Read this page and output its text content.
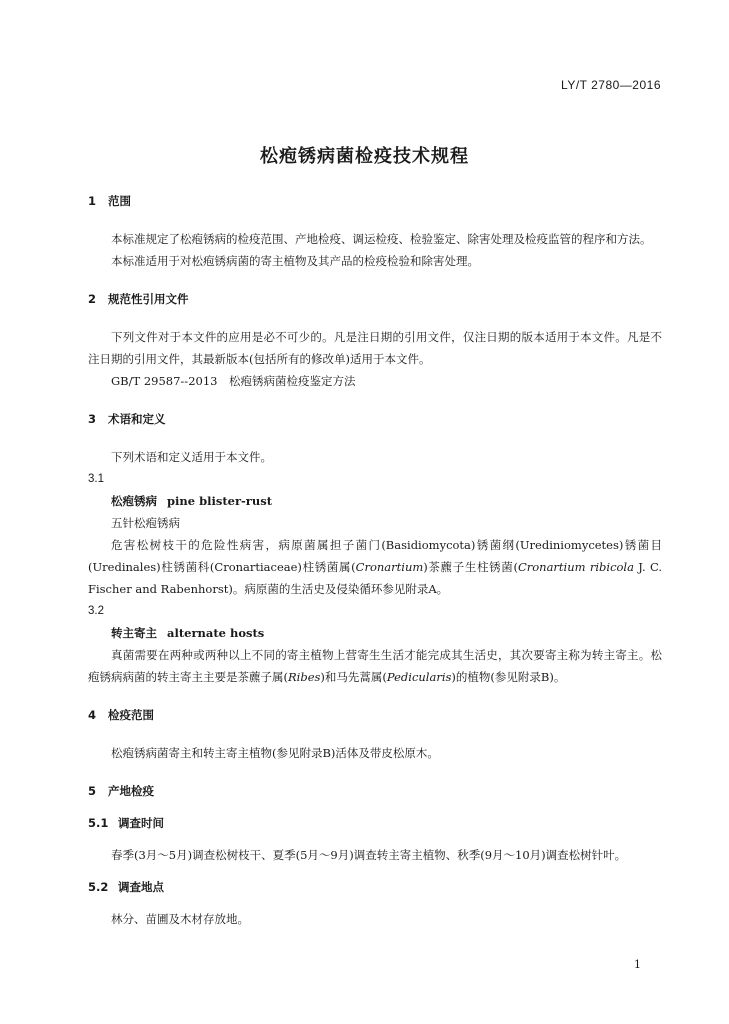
LY/T 2780—2016
松疱锈病菌检疫技术规程

1 范围

本标准规定了松疱锈病的检疫范围、产地检疫、调运检疫、检验鉴定、除害处理及检疫监管的程序和方法。

本标准适用于对松疱锈病菌的寄主植物及其产品的检疫检验和除害处理。

2 规范性引用文件

下列文件对于本文件的应用是必不可少的。凡是注日期的引用文件，仅注日期的版本适用于本文件。凡是不注日期的引用文件，其最新版本(包括所有的修改单)适用于本文件。

GB/T 29587--2013　松疱锈病菌检疫鉴定方法

3 术语和定义

下列术语和定义适用于本文件。

3.1

松疱锈病 pine blister-rust

五针松疱锈病

危害松树枝干的危险性病害，病原菌属担子菌门(Basidiomycota)锈菌纲(Urediniomycetes)锈菌目(Uredinales)柱锈菌科(Cronartiaceae)柱锈菌属(Cronartium)茶藨子生柱锈菌(Cronartium ribicola J. C. Fischer and Rabenhorst)。病原菌的生活史及侵染循环参见附录A。

3.2

转主寄主 alternate hosts

真菌需要在两种或两种以上不同的寄主植物上营寄生生活才能完成其生活史，其次要寄主称为转主寄主。松疱锈病病菌的转主寄主主要是茶藨子属(Ribes)和马先蒿属(Pedicularis)的植物(参见附录B)。

4 检疫范围

松疱锈病菌寄主和转主寄主植物(参见附录B)活体及带皮松原木。

5 产地检疫

5.1 调查时间

春季(3月～5月)调查松树枝干、夏季(5月～9月)调查转主寄主植物、秋季(9月～10月)调查松树针叶。

5.2 调查地点

林分、苗圃及木材存放地。

1
